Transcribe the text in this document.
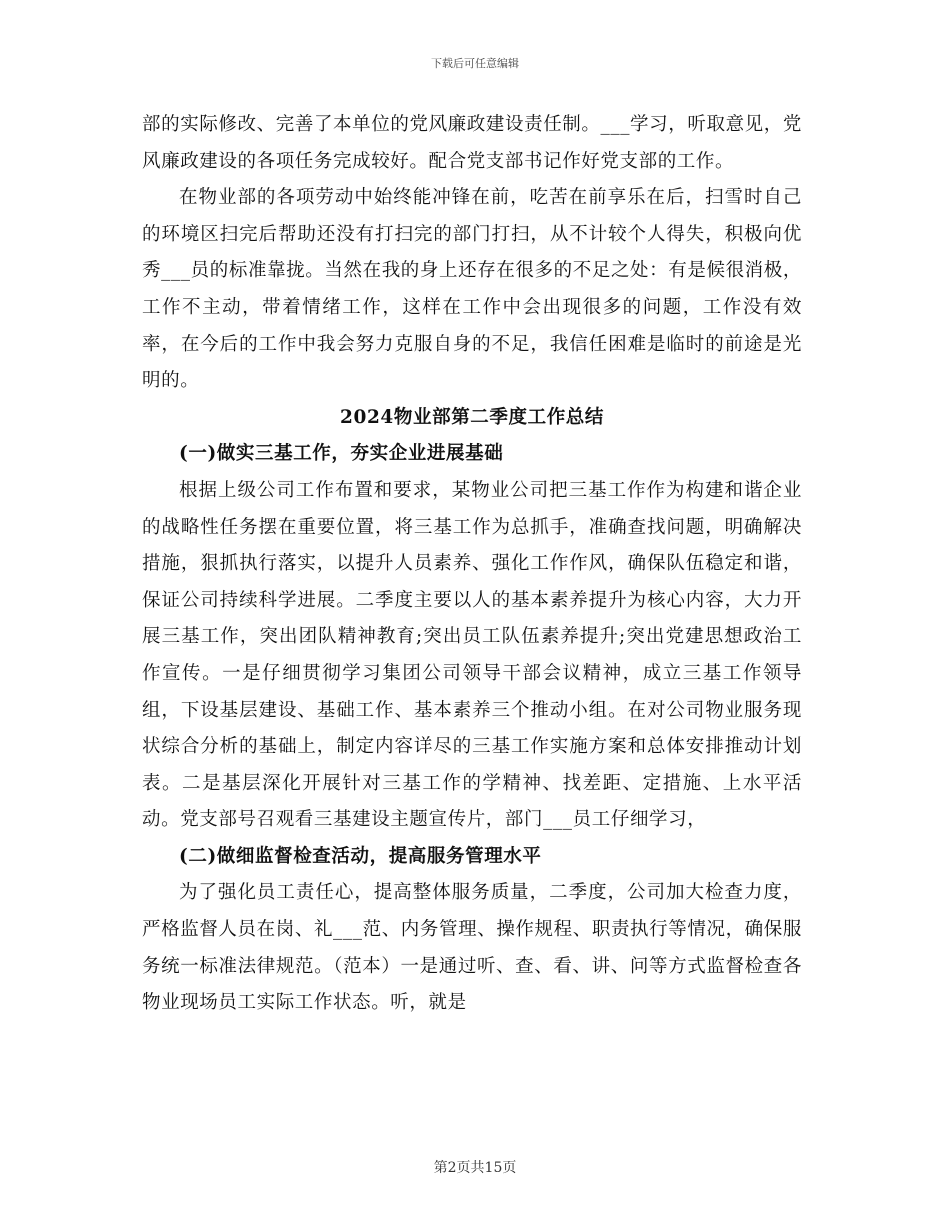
下载后可任意编辑

部的实际修改、完善了本单位的党风廉政建设责任制。___学习，听取意见，党风廉政建设的各项任务完成较好。配合党支部书记作好党支部的工作。

在物业部的各项劳动中始终能冲锋在前，吃苦在前享乐在后，扫雪时自己的环境区扫完后帮助还没有打扫完的部门打扫，从不计较个人得失，积极向优秀___员的标准靠拢。当然在我的身上还存在很多的不足之处：有是候很消极，工作不主动，带着情绪工作，这样在工作中会出现很多的问题，工作没有效率，在今后的工作中我会努力克服自身的不足，我信任困难是临时的前途是光明的。

2024物业部第二季度工作总结

(一)做实三基工作，夯实企业进展基础

根据上级公司工作布置和要求，某物业公司把三基工作作为构建和谐企业的战略性任务摆在重要位置，将三基工作为总抓手，准确查找问题，明确解决措施，狠抓执行落实，以提升人员素养、强化工作作风，确保队伍稳定和谐，保证公司持续科学进展。二季度主要以人的基本素养提升为核心内容，大力开展三基工作，突出团队精神教育;突出员工队伍素养提升;突出党建思想政治工作宣传。一是仔细贯彻学习集团公司领导干部会议精神，成立三基工作领导组，下设基层建设、基础工作、基本素养三个推动小组。在对公司物业服务现状综合分析的基础上，制定内容详尽的三基工作实施方案和总体安排推动计划表。二是基层深化开展针对三基工作的学精神、找差距、定措施、上水平活动。党支部号召观看三基建设主题宣传片，部门___员工仔细学习，

(二)做细监督检查活动，提高服务管理水平

为了强化员工责任心，提高整体服务质量，二季度，公司加大检查力度，严格监督人员在岗、礼___范、内务管理、操作规程、职责执行等情况，确保服务统一标准法律规范。（范本）一是通过听、查、看、讲、问等方式监督检查各物业现场员工实际工作状态。听，就是

第2页共15页
